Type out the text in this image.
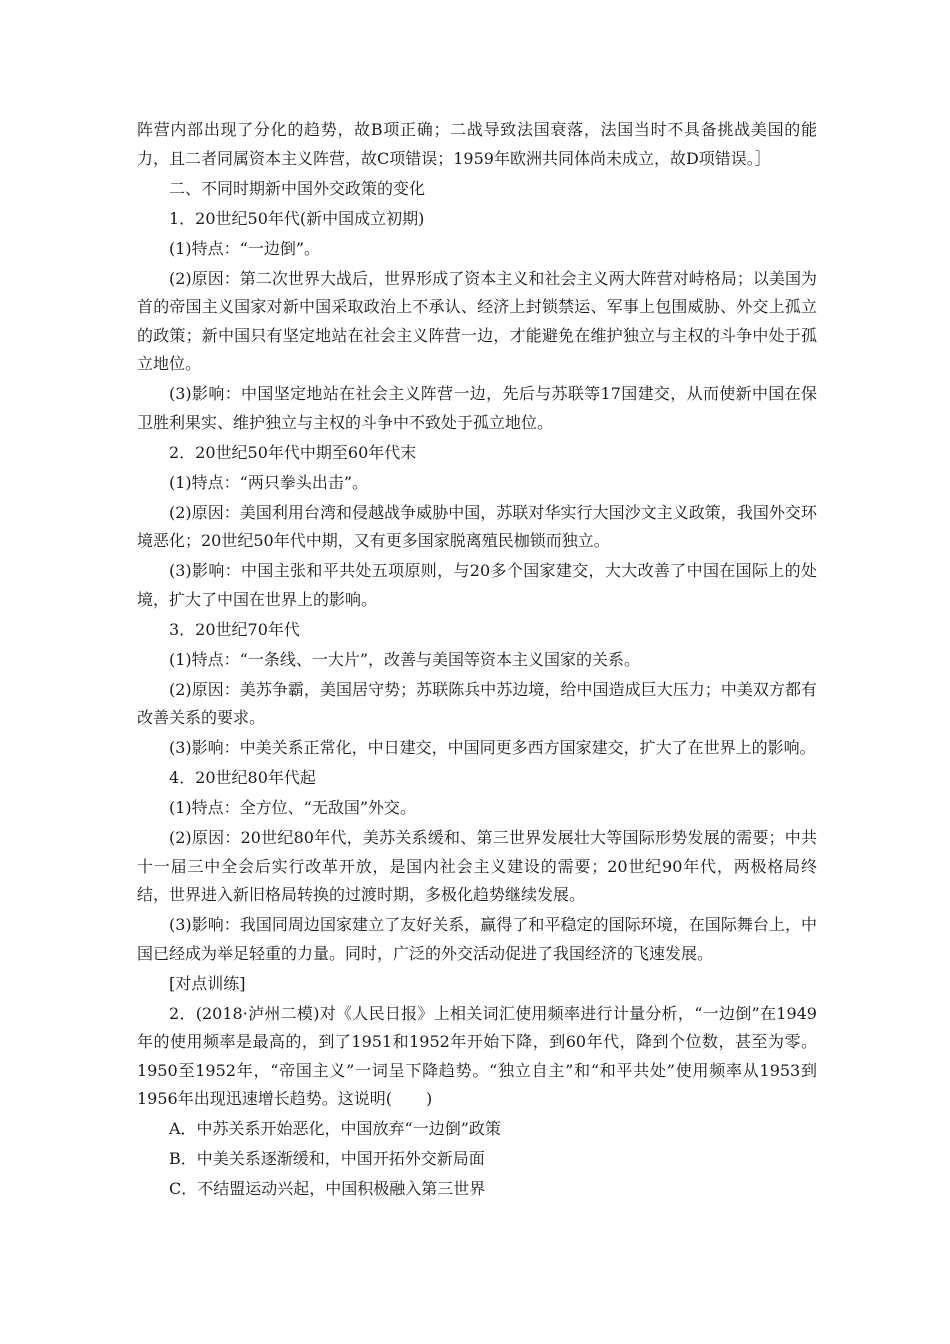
阵营内部出现了分化的趋势，故B项正确；二战导致法国衰落，法国当时不具备挑战美国的能力，且二者同属资本主义阵营，故C项错误；1959年欧洲共同体尚未成立，故D项错误。］

二、不同时期新中国外交政策的变化

1．20世纪50年代(新中国成立初期)

(1)特点：“一边倒”。

(2)原因：第二次世界大战后，世界形成了资本主义和社会主义两大阵营对峙格局；以美国为首的帝国主义国家对新中国采取政治上不承认、经济上封锁禁运、军事上包围威胁、外交上孤立的政策；新中国只有坚定地站在社会主义阵营一边，才能避免在维护独立与主权的斗争中处于孤立地位。

(3)影响：中国坚定地站在社会主义阵营一边，先后与苏联等17国建交，从而使新中国在保卫胜利果实、维护独立与主权的斗争中不致处于孤立地位。

2．20世纪50年代中期至60年代末

(1)特点：“两只拳头出击”。

(2)原因：美国利用台湾和侵越战争威胁中国，苏联对华实行大国沙文主义政策，我国外交环境恶化；20世纪50年代中期，又有更多国家脱离殖民枷锁而独立。

(3)影响：中国主张和平共处五项原则，与20多个国家建交，大大改善了中国在国际上的处境，扩大了中国在世界上的影响。

3．20世纪70年代

(1)特点：“一条线、一大片”，改善与美国等资本主义国家的关系。

(2)原因：美苏争霸，美国居守势；苏联陈兵中苏边境，给中国造成巨大压力；中美双方都有改善关系的要求。

(3)影响：中美关系正常化，中日建交，中国同更多西方国家建交，扩大了在世界上的影响。

4．20世纪80年代起

(1)特点：全方位、“无敌国”外交。

(2)原因：20世纪80年代，美苏关系缓和、第三世界发展壮大等国际形势发展的需要；中共十一届三中全会后实行改革开放，是国内社会主义建设的需要；20世纪90年代，两极格局终结，世界进入新旧格局转换的过渡时期，多极化趋势继续发展。

(3)影响：我国同周边国家建立了友好关系，赢得了和平稳定的国际环境，在国际舞台上，中国已经成为举足轻重的力量。同时，广泛的外交活动促进了我国经济的飞速发展。

[对点训练]

2．(2018·泸州二模)对《人民日报》上相关词汇使用频率进行计量分析，“一边倒”在1949年的使用频率是最高的，到了1951和1952年开始下降，到60年代，降到个位数，甚至为零。1950至1952年，“帝国主义”一词呈下降趋势。“独立自主”和“和平共处”使用频率从1953到1956年出现迅速增长趋势。这说明( )

A．中苏关系开始恶化，中国放弃“一边倒”政策

B．中美关系逐渐缓和，中国开拓外交新局面

C．不结盟运动兴起，中国积极融入第三世界
